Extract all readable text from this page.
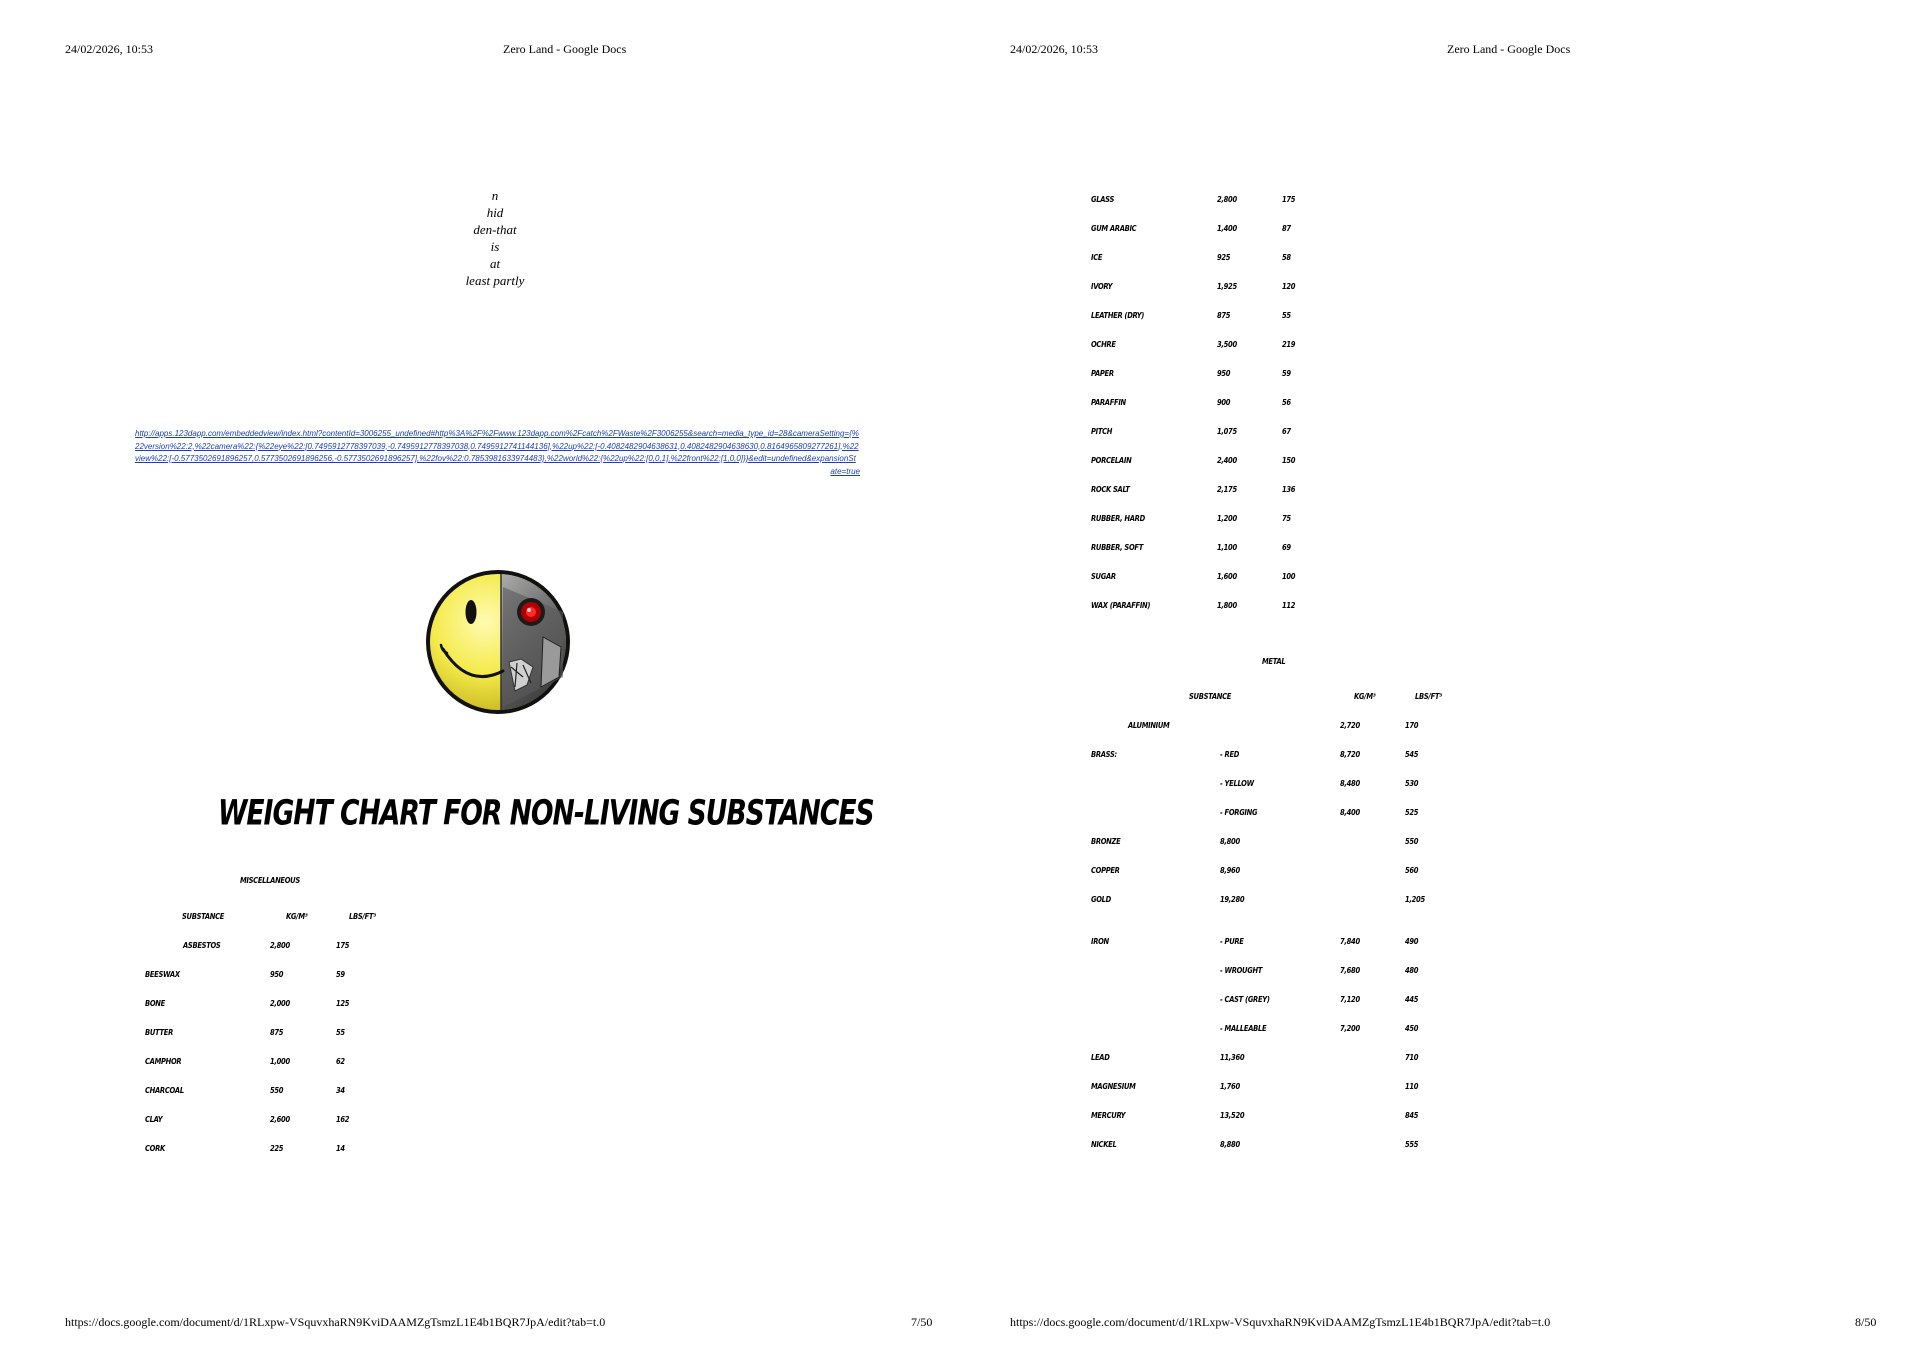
24/02/2026, 10:53	Zero Land - Google Docs
n
hid
den-that
is
at
least partly
http://apps.123dapp.com/embeddedview/index.html?contentId=3006255_undefined#http%3A%2F%2Fwww.123dapp.com%2Fcatch%2FWaste%2F3006255&search=media_type_id=28&camerаSetting={%22version%22:2,%22camera%22:{%22eye%22:[0.7495912778397039,-0.7495912778397038,0.7495912741144136],%22up%22:[-0.4082482904638631,0.4082482904638630,0.8164965809277261],%22view%22:[-0.5773502691896257,0.5773502691896256,-0.5773502691896257],%22fov%22:0.7853981633974483},%22world%22:{%22up%22:[0,0,1],%22front%22:[1,0,0]}}&edit=undefined&expansionState=true
WEIGHT CHART FOR NON-LIVING SUBSTANCES
MISCELLANEOUS
SUBSTANCE	KG/M³	LBS/FT³
ASBESTOS	2,800	175
BEESWAX	950	59
BONE	2,000	125
BUTTER	875	55
CAMPHOR	1,000	62
CHARCOAL	550	34
CLAY	2,600	162
CORK	225	14
https://docs.google.com/document/d/1RLxpw-VSquvxhaRN9KviDAAMZgTsmzL1E4b1BQR7JpA/edit?tab=t.0	7/50
24/02/2026, 10:53	Zero Land - Google Docs
GLASS	2,800	175
GUM ARABIC	1,400	87
ICE	925	58
IVORY	1,925	120
LEATHER (DRY)	875	55
OCHRE	3,500	219
PAPER	950	59
PARAFFIN	900	56
PITCH	1,075	67
PORCELAIN	2,400	150
ROCK SALT	2,175	136
RUBBER, HARD	1,200	75
RUBBER, SOFT	1,100	69
SUGAR	1,600	100
WAX (PARAFFIN)	1,800	112
METAL
SUBSTANCE	KG/M³	LBS/FT³
ALUMINIUM	2,720	170
BRASS:	- RED	8,720	545
- YELLOW	8,480	530
- FORGING	8,400	525
BRONZE	8,800	550
COPPER	8,960	560
GOLD	19,280	1,205
IRON	- PURE	7,840	490
- WROUGHT	7,680	480
- CAST (GREY)	7,120	445
- MALLEABLE	7,200	450
LEAD	11,360	710
MAGNESIUM	1,760	110
MERCURY	13,520	845
NICKEL	8,880	555
https://docs.google.com/document/d/1RLxpw-VSquvxhaRN9KviDAAMZgTsmzL1E4b1BQR7JpA/edit?tab=t.0	8/50
